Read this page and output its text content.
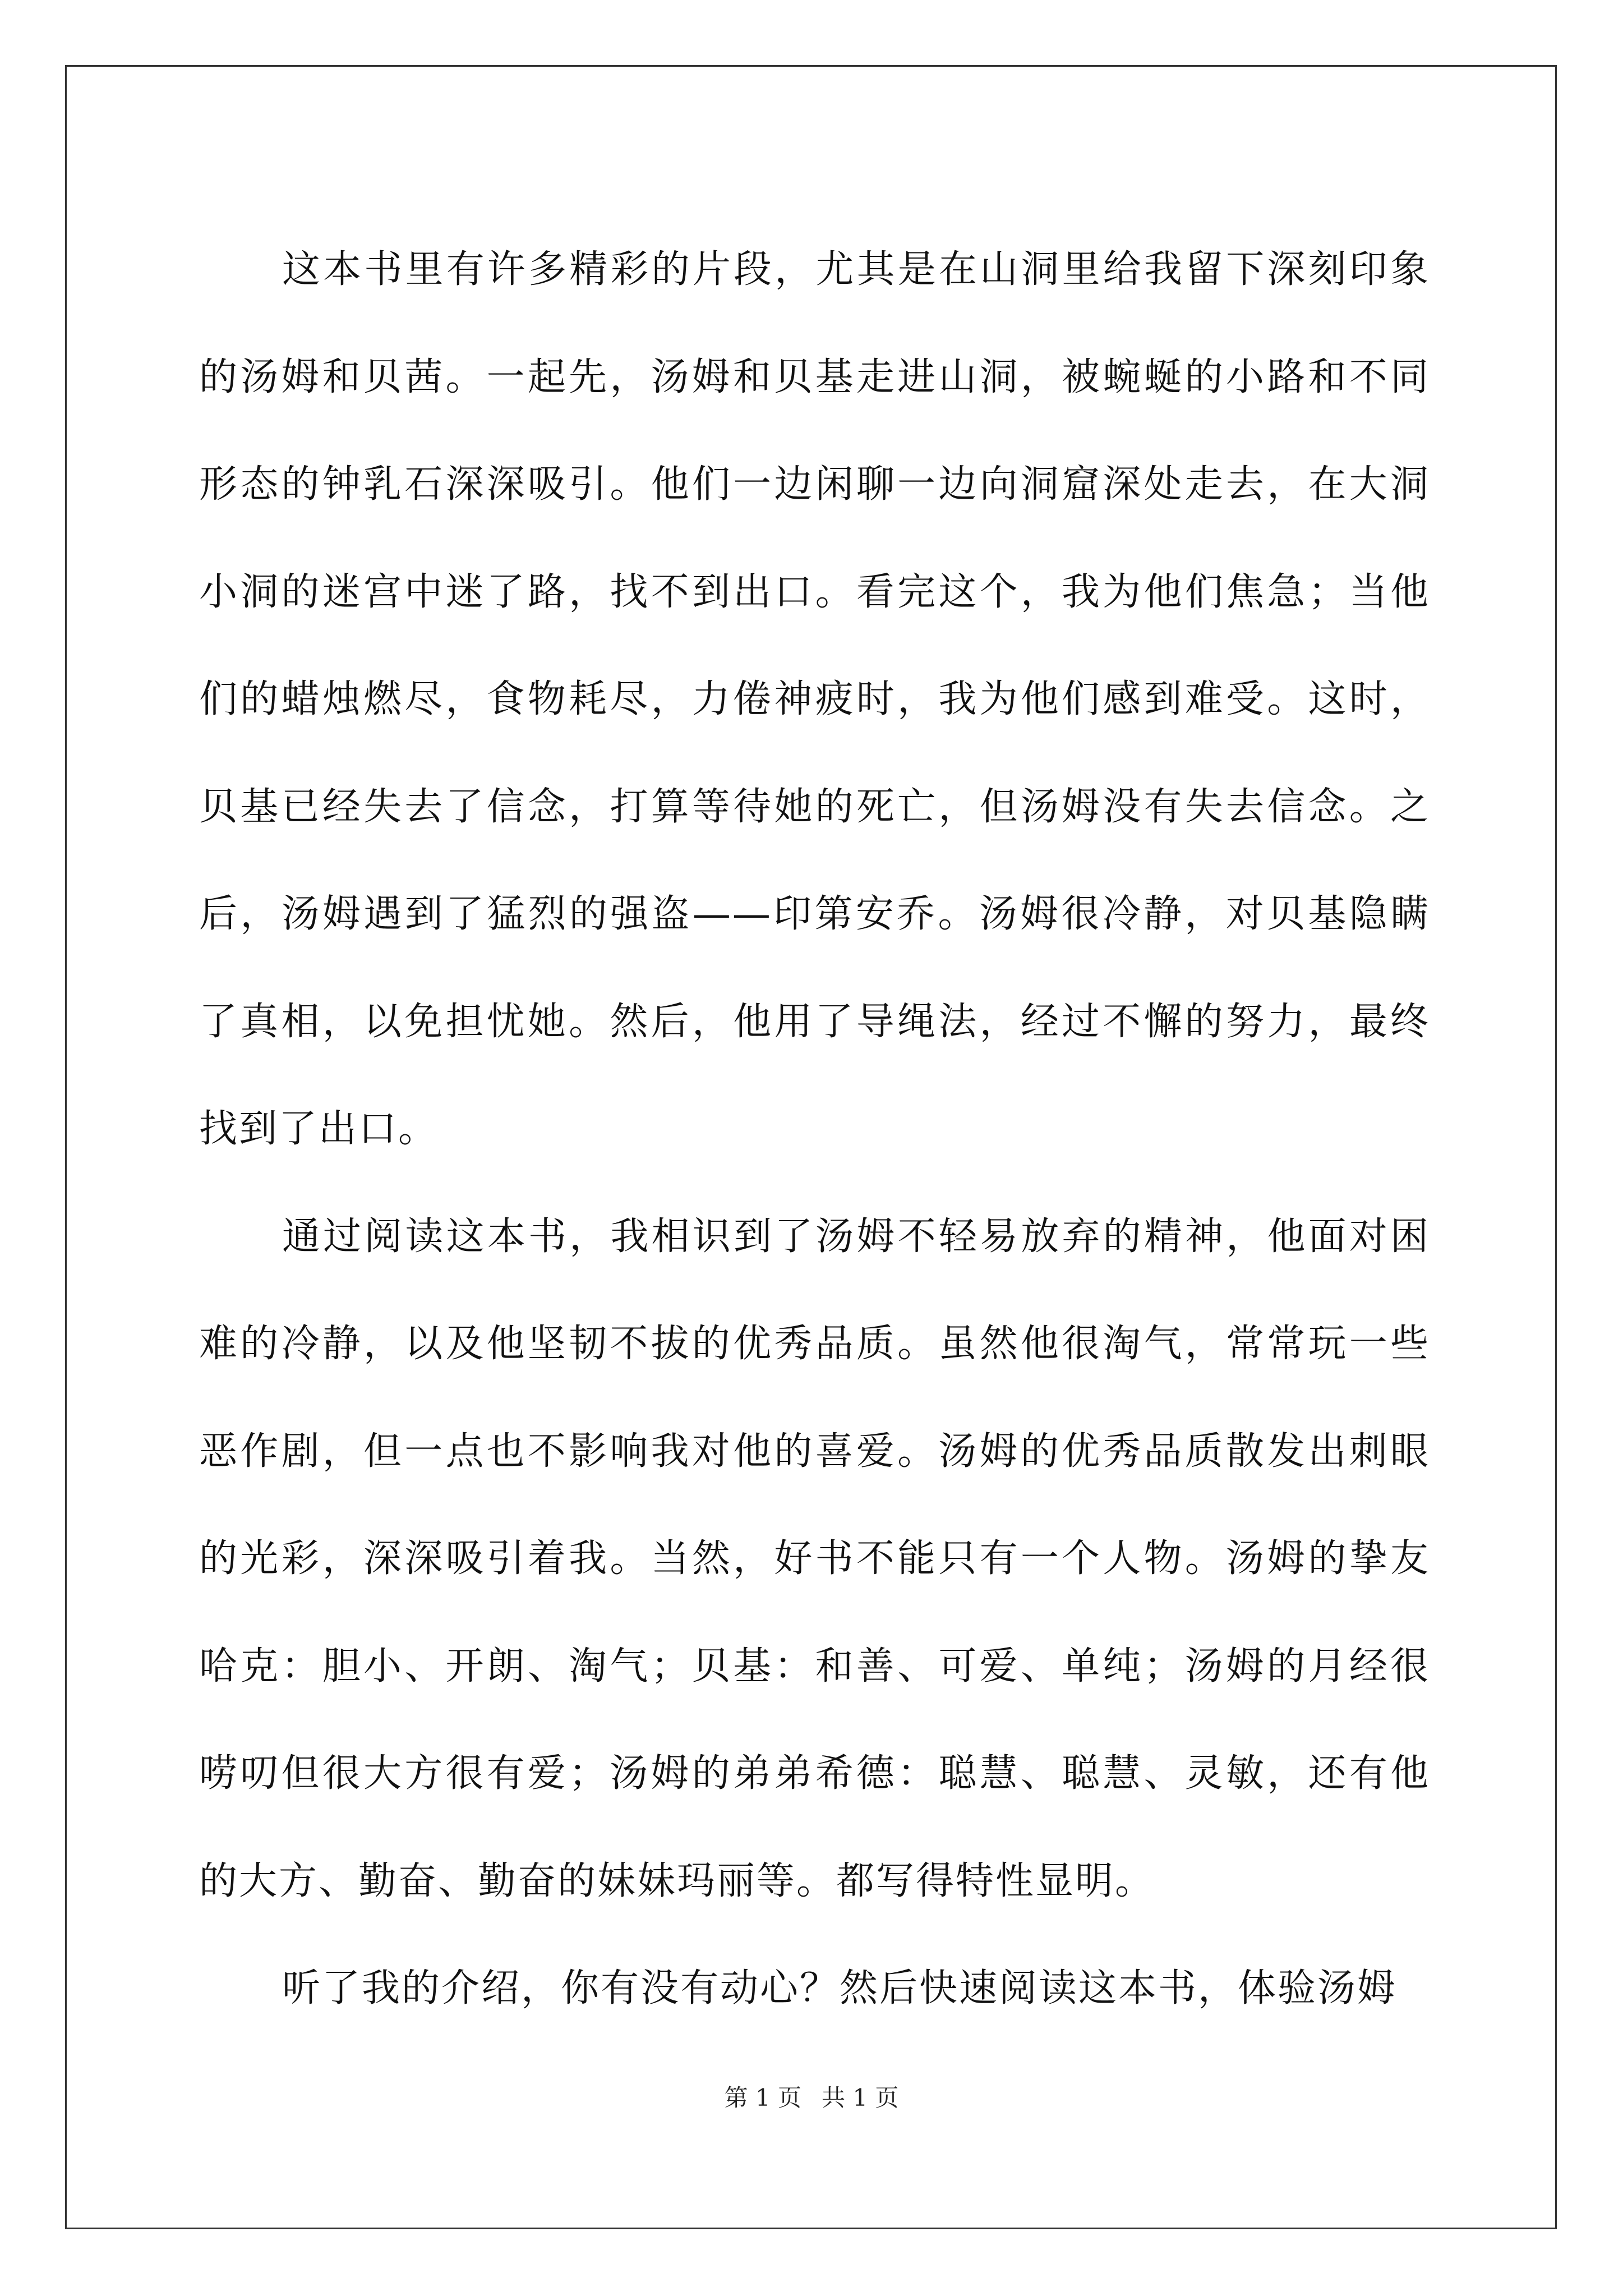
这本书里有许多精彩的片段，尤其是在山洞里给我留下深刻印象的汤姆和贝茜。一起先，汤姆和贝基走进山洞，被蜿蜒的小路和不同形态的钟乳石深深吸引。他们一边闲聊一边向洞窟深处走去，在大洞小洞的迷宫中迷了路，找不到出口。看完这个，我为他们焦急；当他们的蜡烛燃尽，食物耗尽，力倦神疲时，我为他们感到难受。这时，贝基已经失去了信念，打算等待她的死亡，但汤姆没有失去信念。之后，汤姆遇到了猛烈的强盗——印第安乔。汤姆很冷静，对贝基隐瞒了真相，以免担忧她。然后，他用了导绳法，经过不懈的努力，最终找到了出口。

通过阅读这本书，我相识到了汤姆不轻易放弃的精神，他面对困难的冷静，以及他坚韧不拔的优秀品质。虽然他很淘气，常常玩一些恶作剧，但一点也不影响我对他的喜爱。汤姆的优秀品质散发出刺眼的光彩，深深吸引着我。当然，好书不能只有一个人物。汤姆的挚友哈克：胆小、开朗、淘气；贝基：和善、可爱、单纯；汤姆的月经很唠叨但很大方很有爱；汤姆的弟弟希德：聪慧、聪慧、灵敏，还有他的大方、勤奋、勤奋的妹妹玛丽等。都写得特性显明。

听了我的介绍，你有没有动心？然后快速阅读这本书，体验汤姆

第 1 页 共 1 页
